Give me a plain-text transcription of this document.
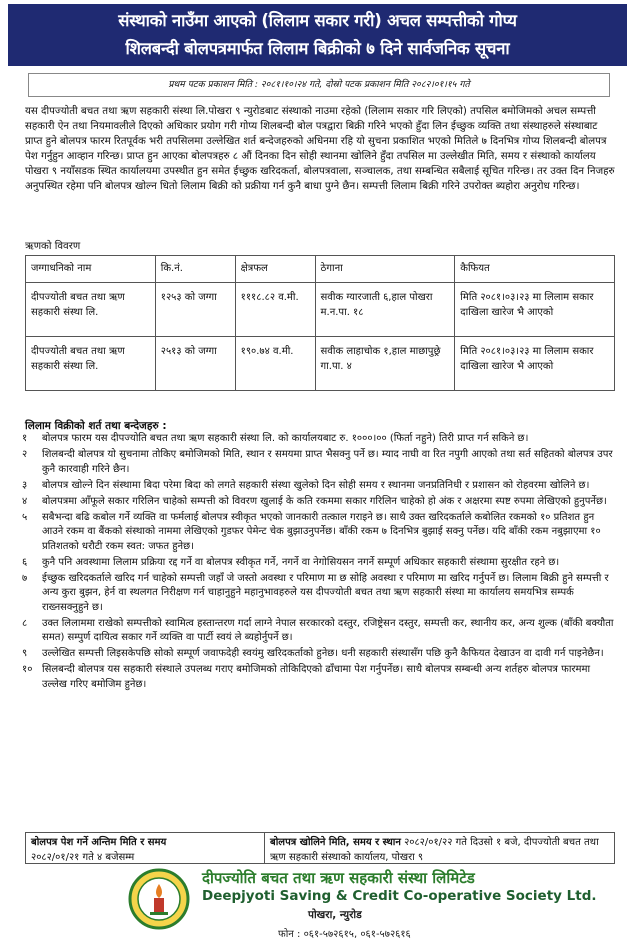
संस्थाको नाउँमा आएको (लिलाम सकार गरी) अचल सम्पत्तीको गोप्य
शिलबन्दी बोलपत्रमार्फत लिलाम बिक्रीको ७ दिने सार्वजनिक सूचना
प्रथम पटक प्रकाशन मिति : २०८१।१०।२४ गते, दोस्रो पटक प्रकाशन मिति २०८२।०१।१५ गते

यस दीपज्योती बचत तथा ऋण सहकारी संस्था लि.पोखरा ९ न्युरोडबाट संस्थाको नाउमा रहेको (लिलाम सकार गरि लिएको) तपसिल बमोजिमको अचल सम्पत्ती सहकारी ऐन तथा नियमावलीले दिएको अधिकार प्रयोग गरी गोप्य शिलबन्दी बोल पत्रद्वारा बिक्री गरिने भएको हुँदा लिन ईच्छुक व्यक्ति तथा संस्थाहरुले संस्थाबाट प्राप्त हुने बोलपत्र फारम रितपूर्वक भरी तपसिलमा उल्लेखित शर्त बन्देजहरुको अधिनमा रहि यो सुचना प्रकाशित भएको मितिले ७ दिनभित्र गोप्य शिलबन्दी बोलपत्र पेश गर्नुहुन आव्हान गरिन्छ। प्राप्त हुन आएका बोलपत्रहरु ८ औं दिनका दिन सोही स्थानमा खोलिने हुँदा तपसिल मा उल्लेखीत मिति, समय र संस्थाको कार्यालय पोखरा ९ नयाँसडक स्थित कार्यालयमा उपस्थीत हुन समेत ईच्छुक खरिदकर्ता, बोलपत्रवाला, सञ्चालक, तथा सम्बन्धित सबैलाई सूचित गरिन्छ। तर उक्त दिन निजहरु अनुपस्थित रहेमा पनि बोलपत्र खोल्न धितो लिलाम बिक्री को प्रक्रीया गर्न कुनै बाधा पुग्ने छैन। सम्पत्ती लिलाम बिक्री गरिने उपरोक्त ब्यहोरा अनुरोध गरिन्छ।

ऋणको विवरण
जग्गाधनिको नाम	कि.नं.	क्षेत्रफल	ठेगाना	कैफियत
दीपज्योती बचत तथा ऋण सहकारी संस्था लि.	१२५३ को जग्गा	१११८.८२ व.मी.	सवीक ग्यारजाती ६,हाल पोखरा म.न.पा. १८	मिति २०८१।०३।२३ मा लिलाम सकार दाखिला खारेज भै आएको
दीपज्योती बचत तथा ऋण सहकारी संस्था लि.	२५१३ को जग्गा	१९०.७४ व.मी.	सवीक लाहाचोक १,हाल माछापुछ्रे गा.पा. ४	मिति २०८१।०३।२३ मा लिलाम सकार दाखिला खारेज भै आएको
लिलाम विक्रीको शर्त तथा बन्देजहरु :
१	बोलपत्र फारम यस दीपज्योति बचत तथा ऋण सहकारी संस्था लि. को कार्यालयबाट रु. १०००।०० (फिर्ता नहुने) तिरी प्राप्त गर्न सकिने छ।
२	शिलबन्दी बोलपत्र यो सुचनामा तोकिए बमोजिमको मिति, स्थान र समयमा प्राप्त भैसक्नु पर्ने छ। म्याद नाघी वा रित नपुगी आएको तथा सर्त सहितको बोलपत्र उपर कुनै कारवाही गरिने छैन।
३	बोलपत्र खोल्ने दिन संस्थामा बिदा परेमा बिदा को लगते सहकारी संस्था खुलेको दिन सोही समय र स्थानमा जनप्रतिनिधी र प्रशासन को रोहवरमा खोलिने छ।
४	बोलपत्रमा आँफूले सकार गरिलिन चाहेको सम्पत्ती को विवरण खुलाई के कति रकममा सकार गरिलिन चाहेको हो अंक र अक्षरमा स्पष्ट रुपमा लेखिएको हुनुपर्नेछ।
५	सबैभन्दा बढि कबोल गर्ने व्यक्ति वा फर्मलाई बोलपत्र स्वीकृत भएको जानकारी तत्काल गराइने छ। साथै उक्त खरिदकर्ताले कबोलित रकमको १० प्रतिशत हुन आउने रकम वा बैंकको संस्थाको नाममा लेखिएको गुडफर पेमेन्ट चेक बुझाउनुपर्नेछ। बाँकी रकम ७ दिनभित्र बुझाई सक्नु पर्नेछ। यदि बाँकी रकम नबुझाएमा १० प्रतिशतको धरौटी रकम स्वत: जफत हुनेछ।
६	कुनै पनि अवस्थामा लिलाम प्रक्रिया रद्द गर्ने वा बोलपत्र स्वीकृत गर्ने, नगर्ने वा नेगोसियसन नगर्ने सम्पूर्ण अधिकार सहकारी संस्थामा सुरक्षीत रहने छ।
७	ईच्छुक खरिदकर्ताले खरिद गर्न चाहेको सम्पत्ती जहाँ जे जस्तो अवस्था र परिमाण मा छ सोहि अवस्था र परिमाण मा खरिद गर्नुपर्ने छ। लिलाम बिक्री हुने सम्पत्ती र अन्य कुरा बुझन, हेर्न वा स्थलगत निरीक्षण गर्न चाहानुहुने महानुभावहरुले यस दीपज्योती बचत तथा ऋण सहकारी संस्था मा कार्यालय समयभित्र सम्पर्क राख्नसक्नुहुने छ।
८	उक्त लिलाममा राखेको सम्पत्तीको स्वामित्व हस्तान्तरण गर्दा लाग्ने नेपाल सरकारको दस्तुर, रजिष्ट्रेसन दस्तुर, सम्पत्ती कर, स्थानीय कर, अन्य शुल्क (बाँकी बक्यौता समत) सम्पुर्ण दायित्व सकार गर्ने व्यक्ति वा पार्टी स्वयं ले ब्यहोर्नुपर्ने छ।
९	उल्लेखित सम्पत्ती लिइसकेपछि सोको सम्पूर्ण जवाफदेही स्वयंमु खरिदकर्ताको हुनेछ। धनी सहकारी संस्थासँग पछि कुनै कैफियत देखाउन वा दावी गर्न पाइनेछैन।
१० सिलबन्दी बोलपत्र यस सहकारी संस्थाले उपलब्ध गराए बमोजिमको तोकिदिएको ढाँचामा पेश गर्नुपर्नेछ। साथै बोलपत्र सम्बन्धी अन्य शर्तहरु बोलपत्र फारममा उल्लेख गरिए बमोजिम हुनेछ।
बोलपत्र पेश गर्ने अन्तिम मिति र समय
२०८२/०१/२१ गते ४ बजेसम्म
बोलपत्र खोलिने मिति, समय र स्थान २०८२/०१/२२ गते दिउसो १ बजे, दीपज्योती बचत तथा ऋण सहकारी संस्थाको कार्यालय, पोखरा ९
दीपज्योति बचत तथा ऋण सहकारी संस्था लिमिटेड
Deepjyoti Saving & Credit Co-operative Society Ltd.
पोखरा, न्युरोड
फोन : ०६१-५७२६१५, ०६१-५७२६१६
